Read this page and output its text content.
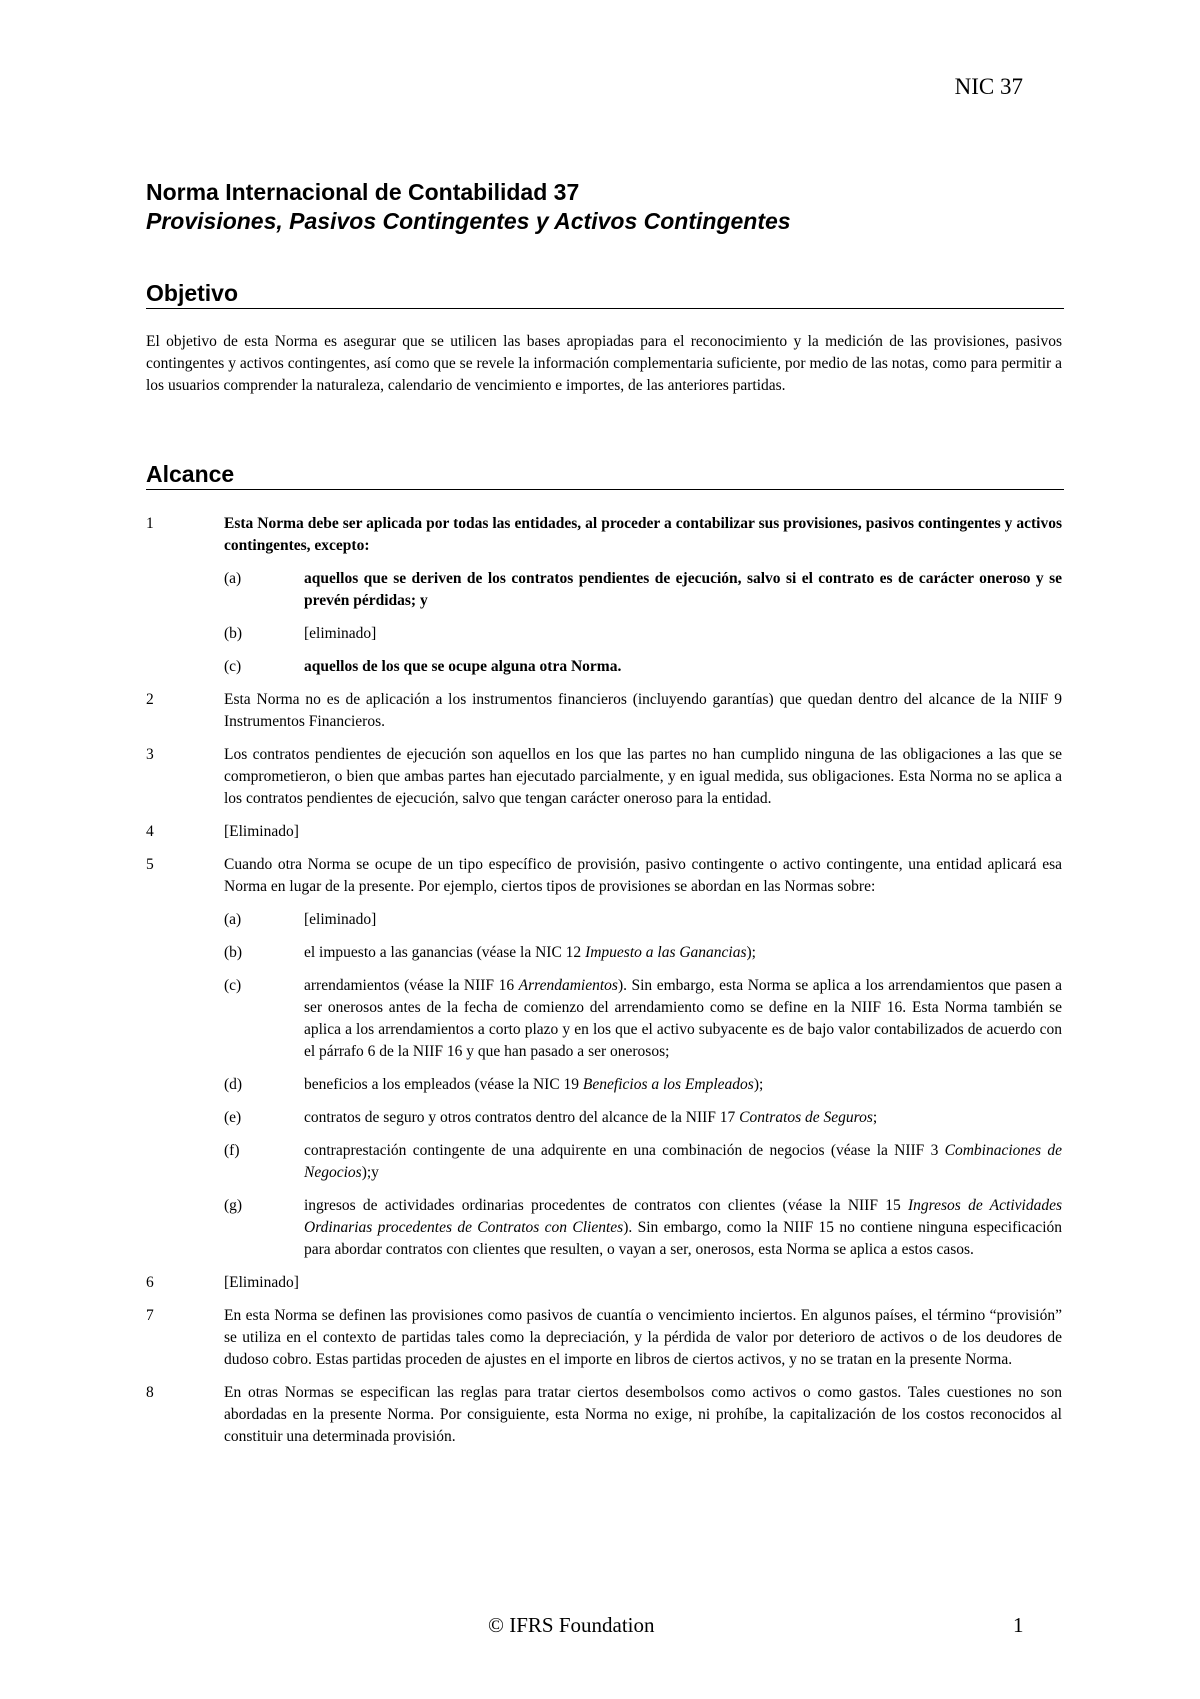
NIC 37
Norma Internacional de Contabilidad 37
Provisiones, Pasivos Contingentes y Activos Contingentes
Objetivo
El objetivo de esta Norma es asegurar que se utilicen las bases apropiadas para el reconocimiento y la medición de las provisiones, pasivos contingentes y activos contingentes, así como que se revele la información complementaria suficiente, por medio de las notas, como para permitir a los usuarios comprender la naturaleza, calendario de vencimiento e importes, de las anteriores partidas.
Alcance
1	Esta Norma debe ser aplicada por todas las entidades, al proceder a contabilizar sus provisiones, pasivos contingentes y activos contingentes, excepto:
(a)	aquellos que se deriven de los contratos pendientes de ejecución, salvo si el contrato es de carácter oneroso y se prevén pérdidas; y
(b)	[eliminado]
(c)	aquellos de los que se ocupe alguna otra Norma.
2	Esta Norma no es de aplicación a los instrumentos financieros (incluyendo garantías) que quedan dentro del alcance de la NIIF 9 Instrumentos Financieros.
3	Los contratos pendientes de ejecución son aquellos en los que las partes no han cumplido ninguna de las obligaciones a las que se comprometieron, o bien que ambas partes han ejecutado parcialmente, y en igual medida, sus obligaciones. Esta Norma no se aplica a los contratos pendientes de ejecución, salvo que tengan carácter oneroso para la entidad.
4	[Eliminado]
5	Cuando otra Norma se ocupe de un tipo específico de provisión, pasivo contingente o activo contingente, una entidad aplicará esa Norma en lugar de la presente. Por ejemplo, ciertos tipos de provisiones se abordan en las Normas sobre:
(a)	[eliminado]
(b)	el impuesto a las ganancias (véase la NIC 12 Impuesto a las Ganancias);
(c)	arrendamientos (véase la NIIF 16 Arrendamientos). Sin embargo, esta Norma se aplica a los arrendamientos que pasen a ser onerosos antes de la fecha de comienzo del arrendamiento como se define en la NIIF 16. Esta Norma también se aplica a los arrendamientos a corto plazo y en los que el activo subyacente es de bajo valor contabilizados de acuerdo con el párrafo 6 de la NIIF 16 y que han pasado a ser onerosos;
(d)	beneficios a los empleados (véase la NIC 19 Beneficios a los Empleados);
(e)	contratos de seguro y otros contratos dentro del alcance de la NIIF 17 Contratos de Seguros;
(f)	contraprestación contingente de una adquirente en una combinación de negocios (véase la NIIF 3 Combinaciones de Negocios);y
(g)	ingresos de actividades ordinarias procedentes de contratos con clientes (véase la NIIF 15 Ingresos de Actividades Ordinarias procedentes de Contratos con Clientes). Sin embargo, como la NIIF 15 no contiene ninguna especificación para abordar contratos con clientes que resulten, o vayan a ser, onerosos, esta Norma se aplica a estos casos.
6	[Eliminado]
7	En esta Norma se definen las provisiones como pasivos de cuantía o vencimiento inciertos. En algunos países, el término “provisión” se utiliza en el contexto de partidas tales como la depreciación, y la pérdida de valor por deterioro de activos o de los deudores de dudoso cobro. Estas partidas proceden de ajustes en el importe en libros de ciertos activos, y no se tratan en la presente Norma.
8	En otras Normas se especifican las reglas para tratar ciertos desembolsos como activos o como gastos. Tales cuestiones no son abordadas en la presente Norma. Por consiguiente, esta Norma no exige, ni prohíbe, la capitalización de los costos reconocidos al constituir una determinada provisión.
© IFRS Foundation	1
